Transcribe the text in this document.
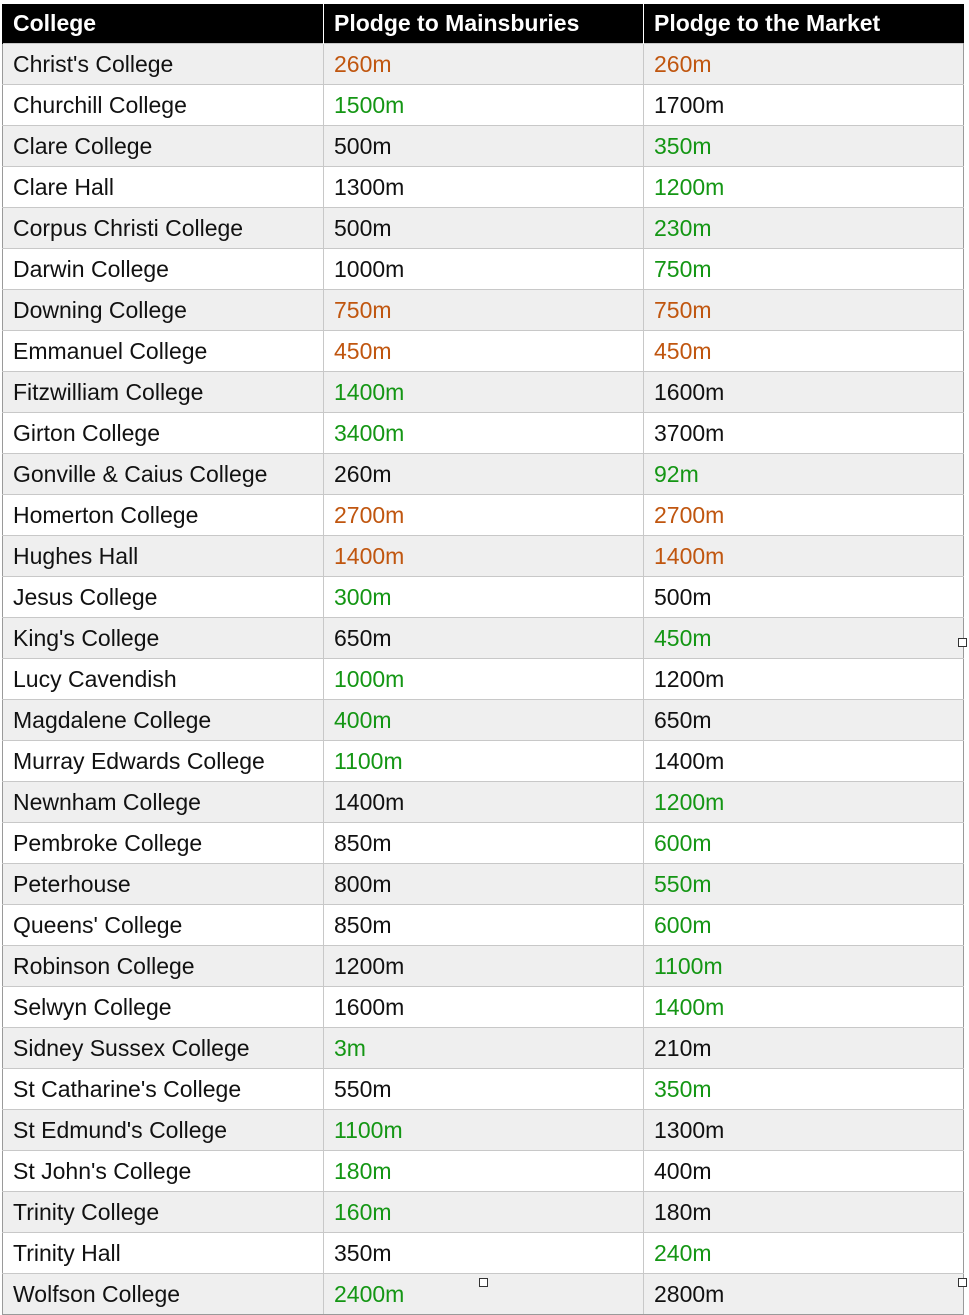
College	Plodge to Mainsburies	Plodge to the Market
Christ's College	260m	260m
Churchill College	1500m	1700m
Clare College	500m	350m
Clare Hall	1300m	1200m
Corpus Christi College	500m	230m
Darwin College	1000m	750m
Downing College	750m	750m
Emmanuel College	450m	450m
Fitzwilliam College	1400m	1600m
Girton College	3400m	3700m
Gonville & Caius College	260m	92m
Homerton College	2700m	2700m
Hughes Hall	1400m	1400m
Jesus College	300m	500m
King's College	650m	450m
Lucy Cavendish	1000m	1200m
Magdalene College	400m	650m
Murray Edwards College	1100m	1400m
Newnham College	1400m	1200m
Pembroke College	850m	600m
Peterhouse	800m	550m
Queens' College	850m	600m
Robinson College	1200m	1100m
Selwyn College	1600m	1400m
Sidney Sussex College	3m	210m
St Catharine's College	550m	350m
St Edmund's College	1100m	1300m
St John's College	180m	400m
Trinity College	160m	180m
Trinity Hall	350m	240m
Wolfson College	2400m	2800m
